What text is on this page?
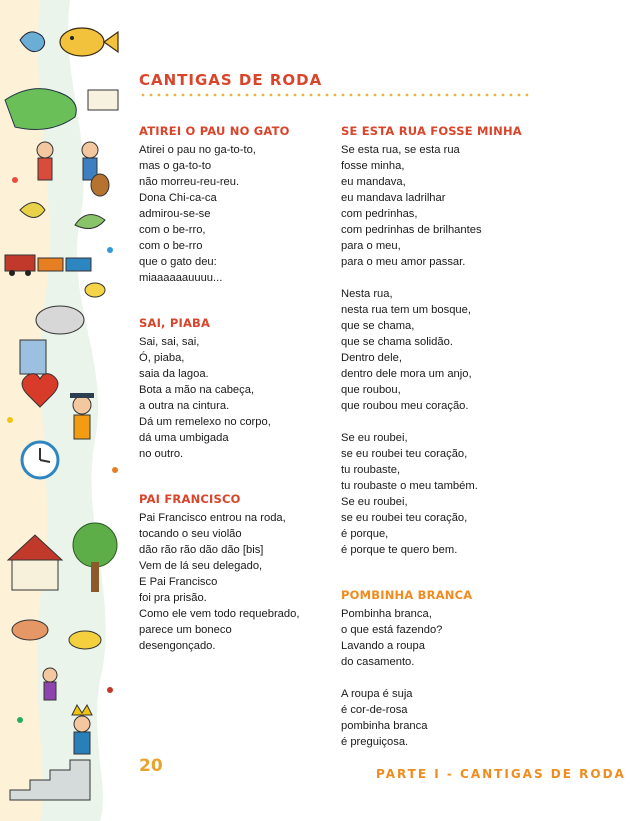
CANTIGAS DE RODA
ATIREI O PAU NO GATO

Atirei o pau no ga-to-to,

mas o ga-to-to

não morreu-reu-reu.

Dona Chi-ca-ca

admirou-se-se

com o be-rro,

com o be-rro

que o gato deu:

miaaaaaauuuu...

SAI, PIABA

Sai, sai, sai,

Ó, piaba,

saia da lagoa.

Bota a mão na cabeça,

a outra na cintura.

Dá um remelexo no corpo,

dá uma umbigada

no outro.

PAI FRANCISCO

Pai Francisco entrou na roda,

tocando o seu violão

dão rão rão dão dão [bis]

Vem de lá seu delegado,

E Pai Francisco

foi pra prisão.

Como ele vem todo requebrado,

parece um boneco

desengonçado.

SE ESTA RUA FOSSE MINHA

Se esta rua, se esta rua

fosse minha,

eu mandava,

eu mandava ladrilhar

com pedrinhas,

com pedrinhas de brilhantes

para o meu,

para o meu amor passar.

Nesta rua,

nesta rua tem um bosque,

que se chama,

que se chama solidão.

Dentro dele,

dentro dele mora um anjo,

que roubou,

que roubou meu coração.

Se eu roubei,

se eu roubei teu coração,

tu roubaste,

tu roubaste o meu também.

Se eu roubei,

se eu roubei teu coração,

é porque,

é porque te quero bem.

POMBINHA BRANCA

Pombinha branca,

o que está fazendo?

Lavando a roupa

do casamento.

A roupa é suja

é cor-de-rosa

pombinha branca

é preguiçosa.

20	PARTE I - CANTIGAS DE RODA
